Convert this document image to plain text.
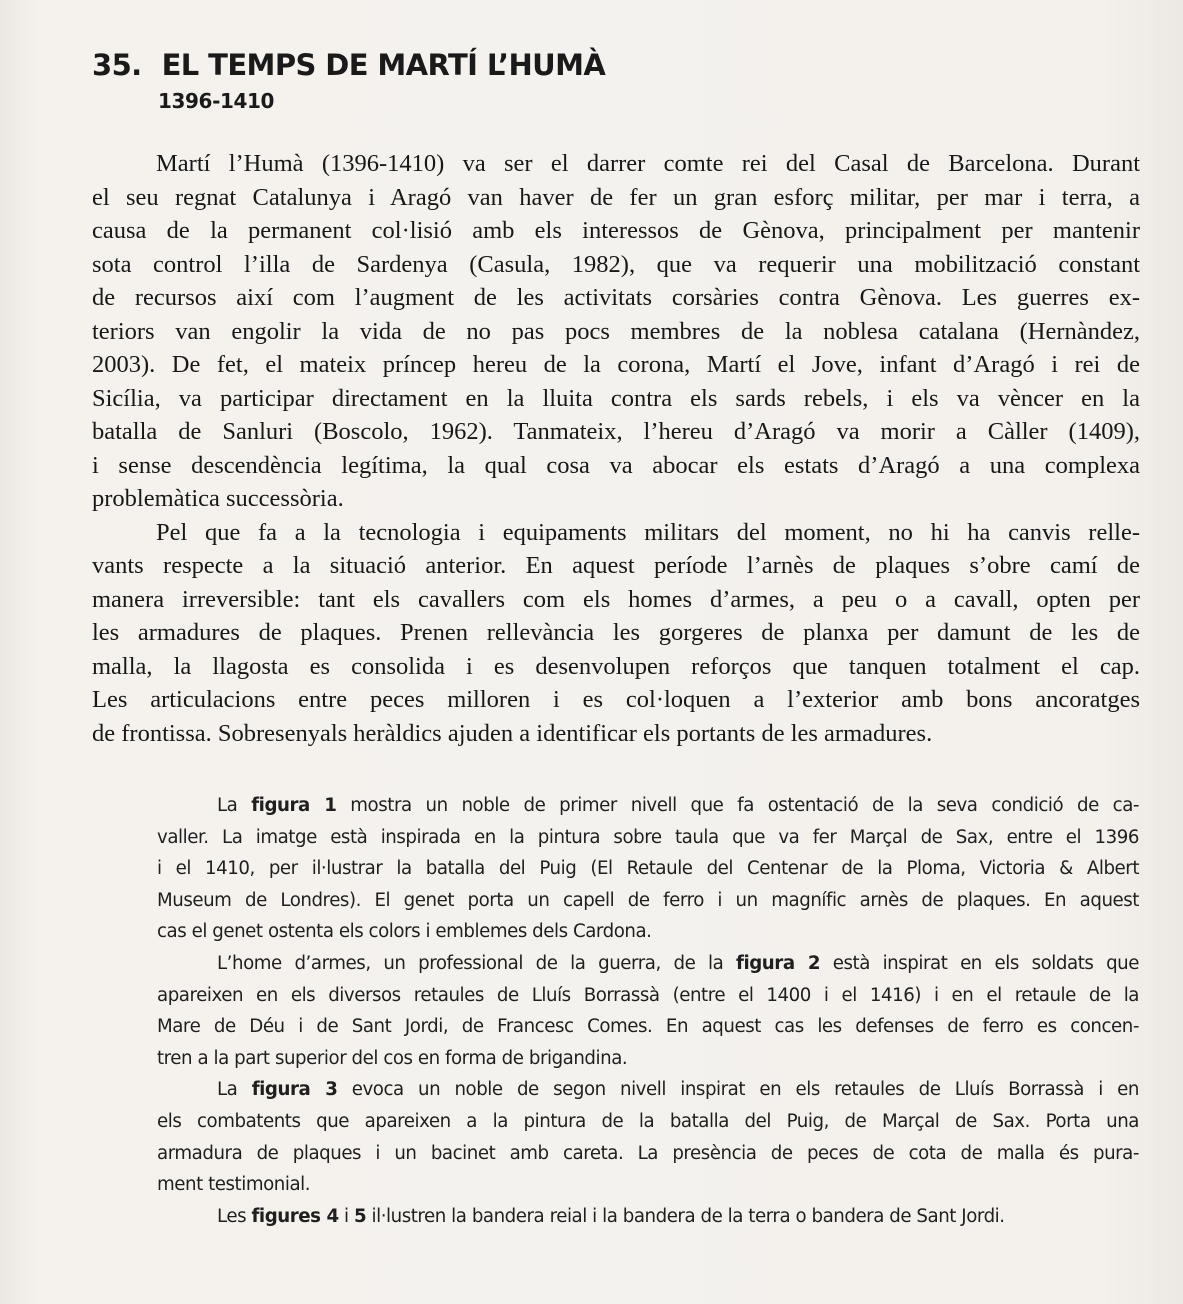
35. EL TEMPS DE MARTÍ L’HUMÀ
1396-1410
Martí l’Humà (1396-1410) va ser el darrer comte rei del Casal de Barcelona. Durant
el seu regnat Catalunya i Aragó van haver de fer un gran esforç militar, per mar i terra, a
causa de la permanent col·lisió amb els interessos de Gènova, principalment per mantenir
sota control l’illa de Sardenya (Casula, 1982), que va requerir una mobilització constant
de recursos així com l’augment de les activitats corsàries contra Gènova. Les guerres ex-
teriors van engolir la vida de no pas pocs membres de la noblesa catalana (Hernàndez,
2003). De fet, el mateix príncep hereu de la corona, Martí el Jove, infant d’Aragó i rei de
Sicília, va participar directament en la lluita contra els sards rebels, i els va vèncer en la
batalla de Sanluri (Boscolo, 1962). Tanmateix, l’hereu d’Aragó va morir a Càller (1409),
i sense descendència legítima, la qual cosa va abocar els estats d’Aragó a una complexa
problemàtica successòria.
Pel que fa a la tecnologia i equipaments militars del moment, no hi ha canvis relle-
vants respecte a la situació anterior. En aquest període l’arnès de plaques s’obre camí de
manera irreversible: tant els cavallers com els homes d’armes, a peu o a cavall, opten per
les armadures de plaques. Prenen rellevància les gorgeres de planxa per damunt de les de
malla, la llagosta es consolida i es desenvolupen reforços que tanquen totalment el cap.
Les articulacions entre peces milloren i es col·loquen a l’exterior amb bons ancoratges
de frontissa. Sobresenyals heràldics ajuden a identificar els portants de les armadures.
La figura 1 mostra un noble de primer nivell que fa ostentació de la seva condició de ca-
valler. La imatge està inspirada en la pintura sobre taula que va fer Marçal de Sax, entre el 1396
i el 1410, per il·lustrar la batalla del Puig (El Retaule del Centenar de la Ploma, Victoria & Albert
Museum de Londres). El genet porta un capell de ferro i un magnífic arnès de plaques. En aquest
cas el genet ostenta els colors i emblemes dels Cardona.
L’home d’armes, un professional de la guerra, de la figura 2 està inspirat en els soldats que
apareixen en els diversos retaules de Lluís Borrassà (entre el 1400 i el 1416) i en el retaule de la
Mare de Déu i de Sant Jordi, de Francesc Comes. En aquest cas les defenses de ferro es concen-
tren a la part superior del cos en forma de brigandina.
La figura 3 evoca un noble de segon nivell inspirat en els retaules de Lluís Borrassà i en
els combatents que apareixen a la pintura de la batalla del Puig, de Marçal de Sax. Porta una
armadura de plaques i un bacinet amb careta. La presència de peces de cota de malla és pura-
ment testimonial.
Les figures 4 i 5 il·lustren la bandera reial i la bandera de la terra o bandera de Sant Jordi.
